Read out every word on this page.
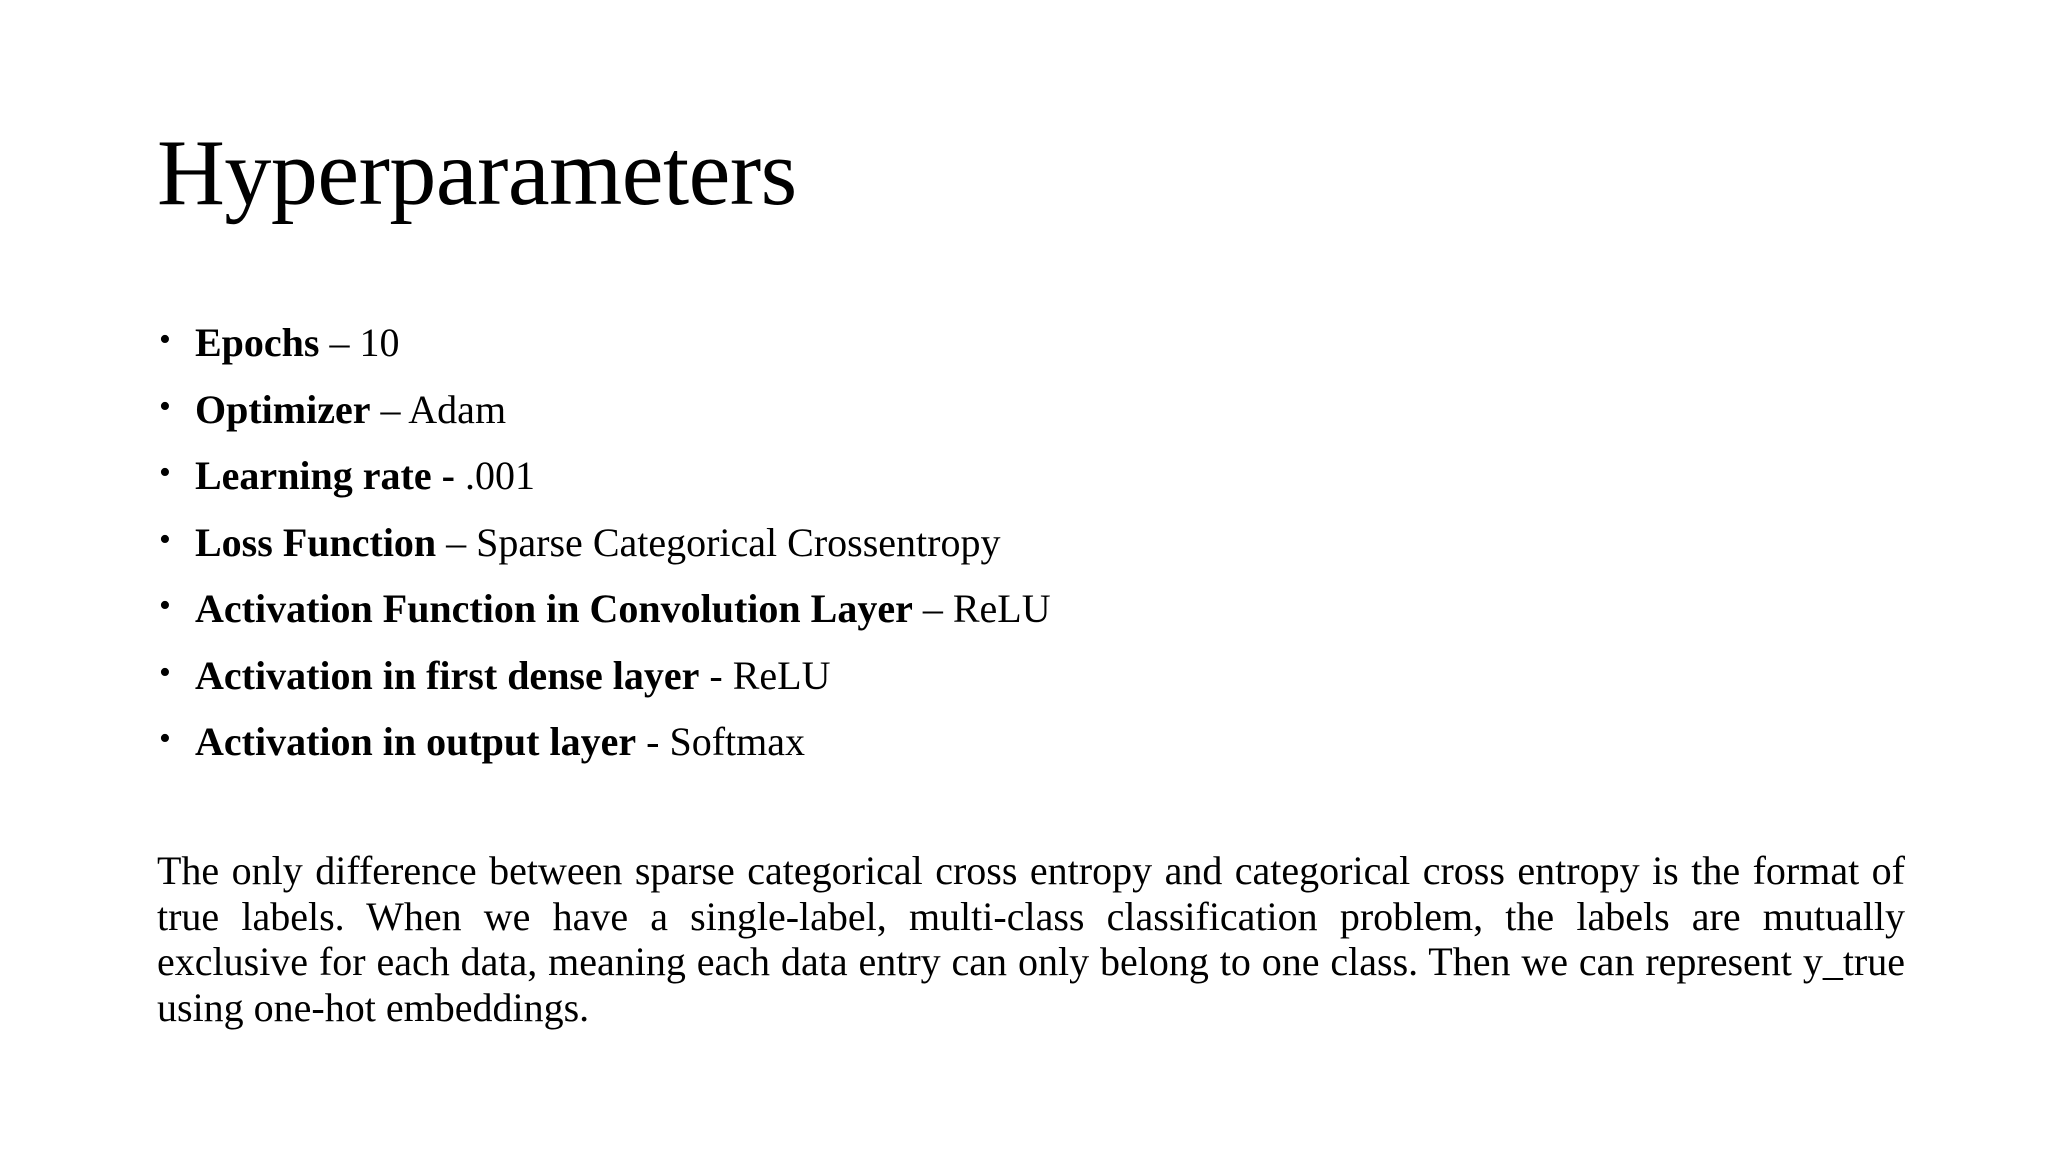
Hyperparameters
• Epochs – 10
• Optimizer – Adam
• Learning rate - .001
• Loss Function – Sparse Categorical Crossentropy
• Activation Function in Convolution Layer – ReLU
• Activation in first dense layer - ReLU
• Activation in output layer - Softmax

The only difference between sparse categorical cross entropy and categorical cross entropy is the format of true labels. When we have a single-label, multi-class classification problem, the labels are mutually exclusive for each data, meaning each data entry can only belong to one class. Then we can represent y_true using one-hot embeddings.
